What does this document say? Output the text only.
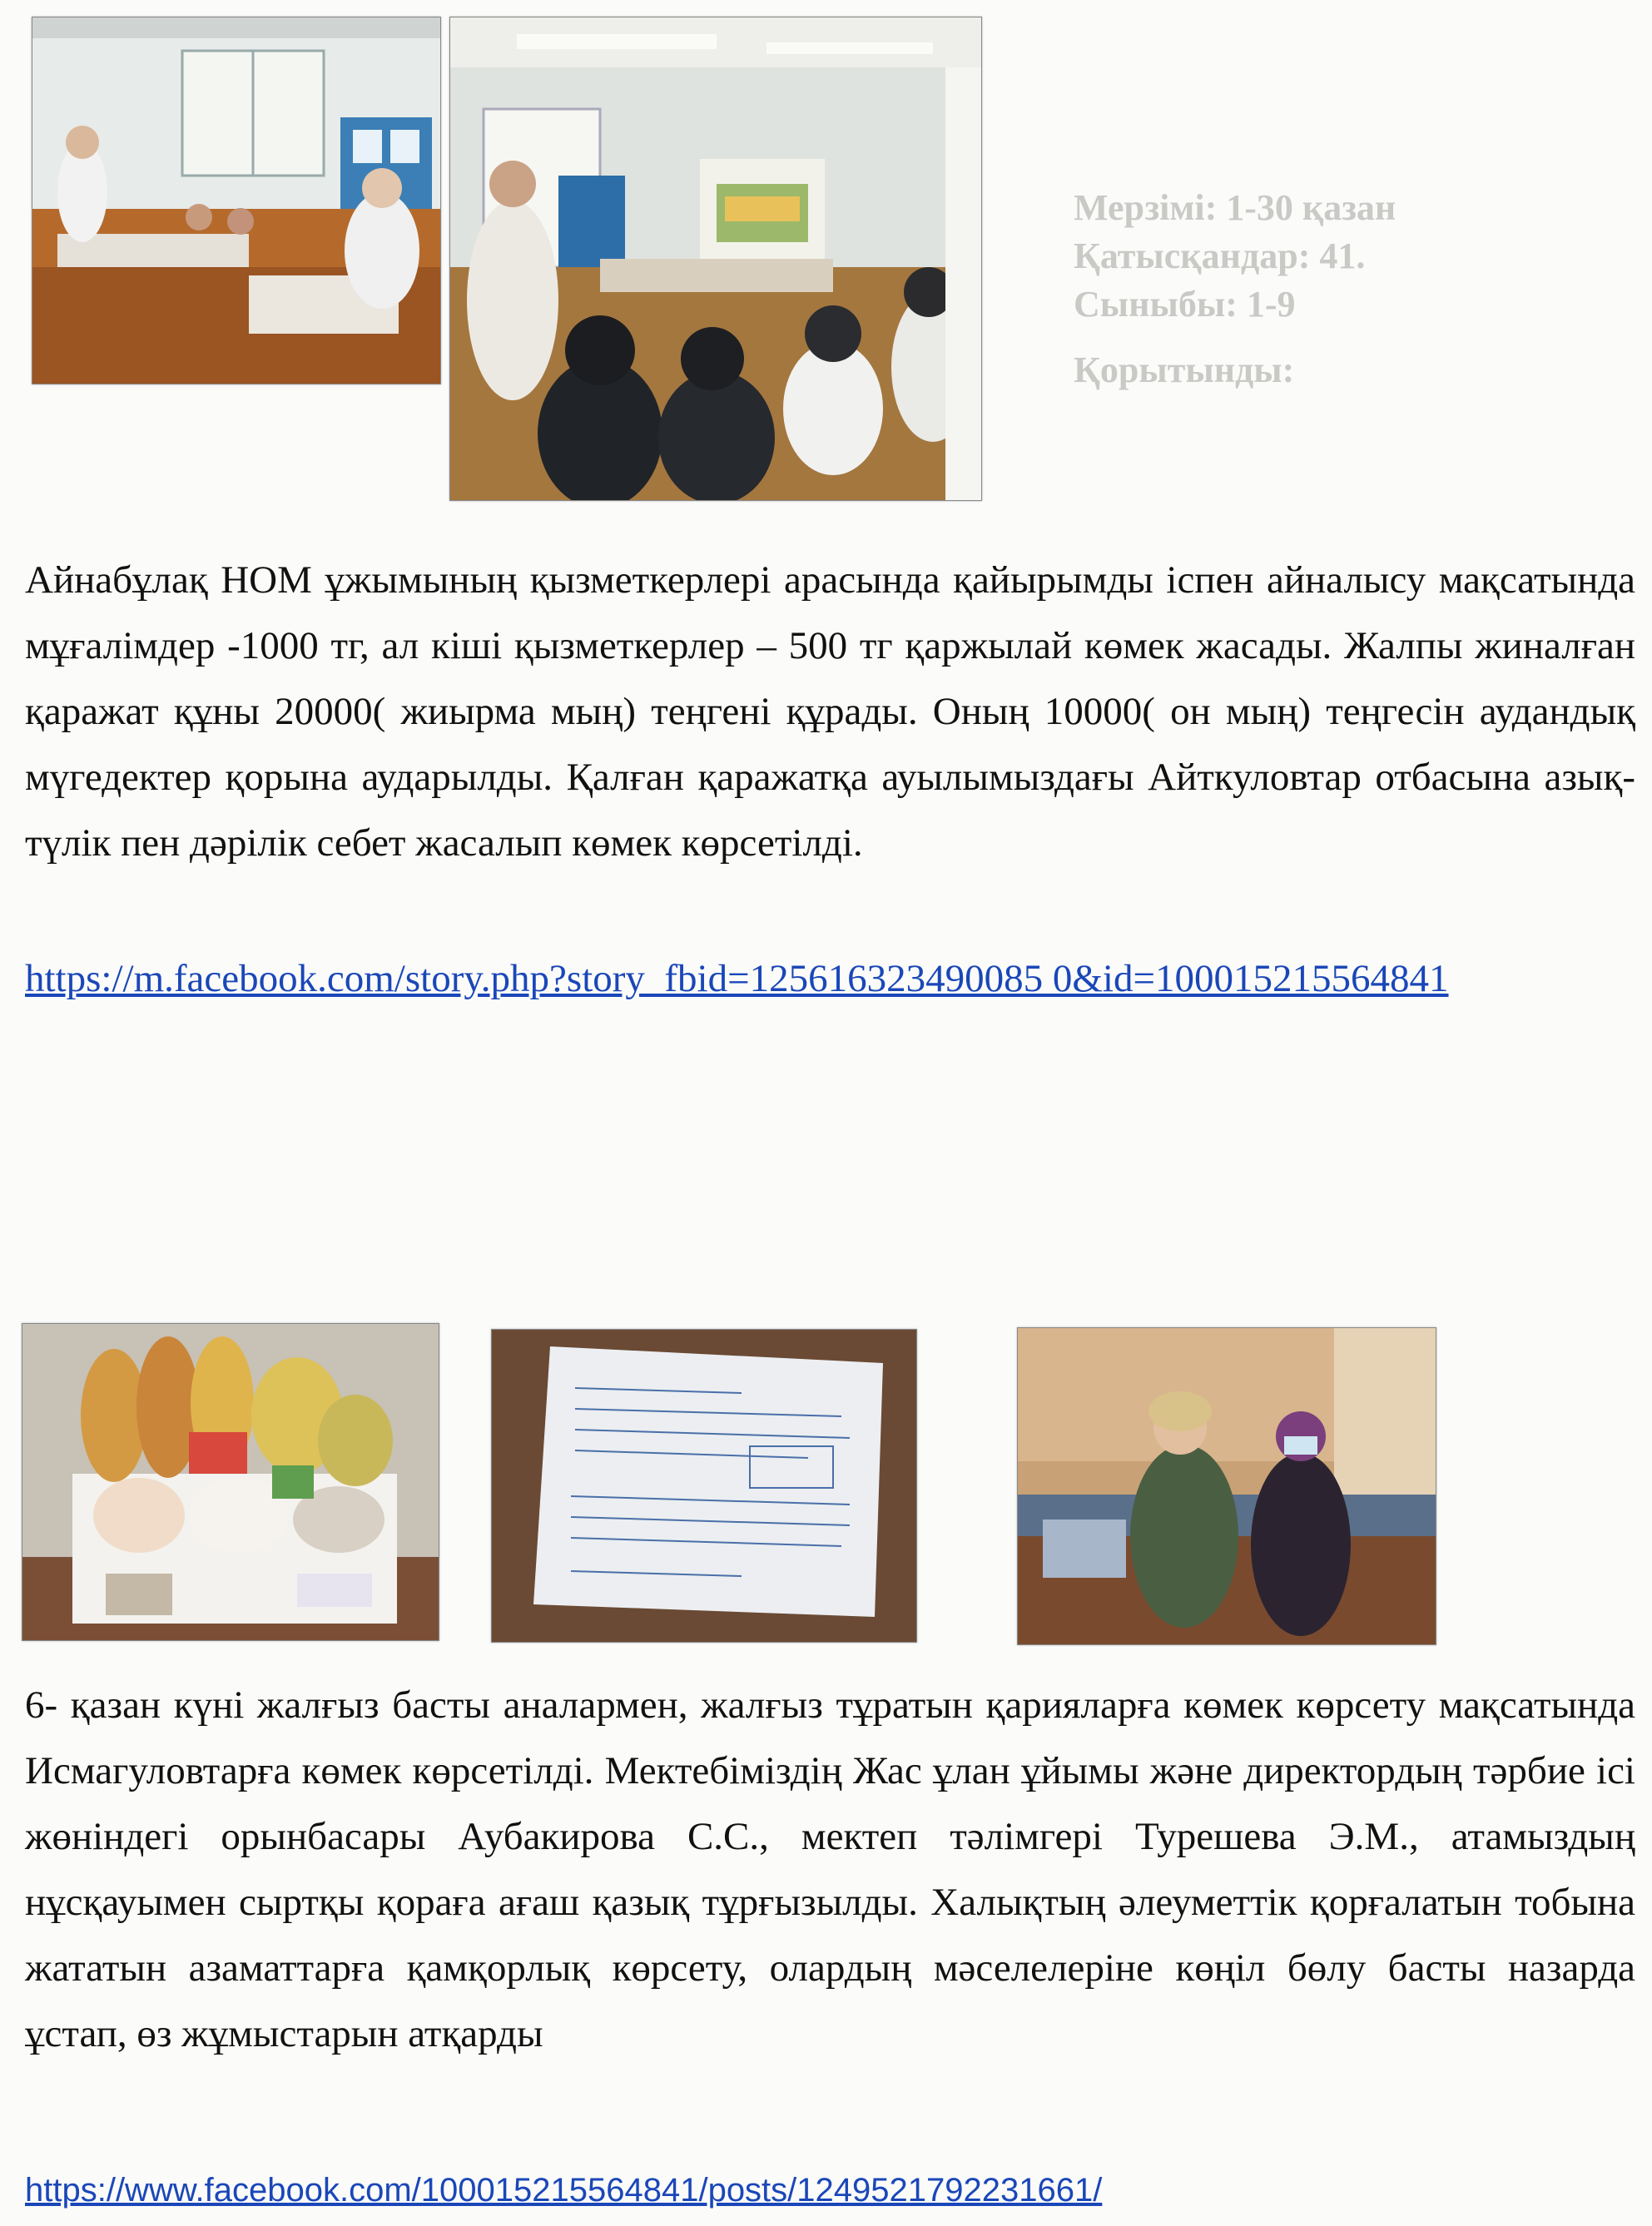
Мерзімі: 1-30 қазан
Қатысқандар: 41.
Сыныбы: 1-9
Қорытынды:
Айнабұлақ НОМ ұжымының қызметкерлері арасында қайырымды іспен айналысу мақсатында мұғалімдер -1000 тг, ал кіші қызметкерлер – 500 тг қаржылай көмек жасады. Жалпы жиналған қаражат құны 20000( жиырма мың) теңгені құрады. Оның 10000( он мың) теңгесін аудандық мүгедектер қорына аударылды. Қалған қаражатқа ауылымыздағы Айткуловтар отбасына азық- түлік пен дәрілік себет жасалып көмек көрсетілді.
https://m.facebook.com/story.php?story_fbid=125616323490085 0&id=100015215564841
6- қазан күні жалғыз басты аналармен, жалғыз тұратын қарияларға көмек көрсету мақсатында Исмагуловтарға көмек көрсетілді. Мектебіміздің Жас ұлан ұйымы және директордың тәрбие ісі жөніндегі орынбасары Аубакирова С.С., мектеп тәлімгері Турешева Э.М., атамыздың нұсқауымен сыртқы қораға ағаш қазық тұрғызылды. Халықтың әлеуметтік қорғалатын тобына жататын азаматтарға қамқорлық көрсету, олардың мәселелеріне көңіл бөлу басты назарда ұстап, өз жұмыстарын атқарды
https://www.facebook.com/100015215564841/posts/1249521792231661/
